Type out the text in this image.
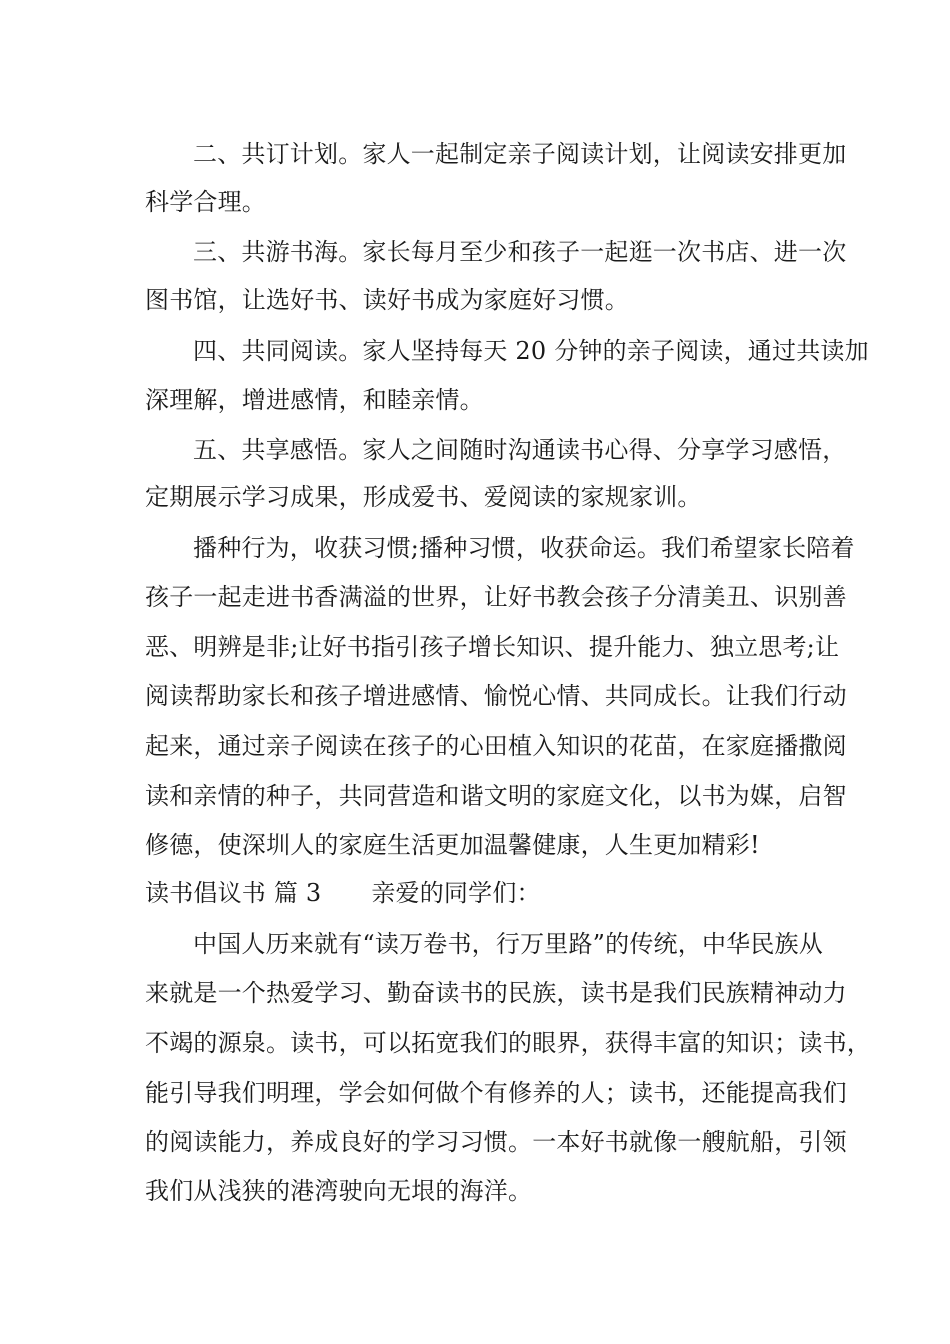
二、共订计划。家人一起制定亲子阅读计划，让阅读安排更加
科学合理。
三、共游书海。家长每月至少和孩子一起逛一次书店、进一次
图书馆，让选好书、读好书成为家庭好习惯。
四、共同阅读。家人坚持每天 20 分钟的亲子阅读，通过共读加
深理解，增进感情，和睦亲情。
五、共享感悟。家人之间随时沟通读书心得、分享学习感悟，
定期展示学习成果，形成爱书、爱阅读的家规家训。
播种行为，收获习惯;播种习惯，收获命运。我们希望家长陪着
孩子一起走进书香满溢的世界，让好书教会孩子分清美丑、识别善
恶、明辨是非;让好书指引孩子增长知识、提升能力、独立思考;让
阅读帮助家长和孩子增进感情、愉悦心情、共同成长。让我们行动
起来，通过亲子阅读在孩子的心田植入知识的花苗，在家庭播撒阅
读和亲情的种子，共同营造和谐文明的家庭文化，以书为媒，启智
修德，使深圳人的家庭生活更加温馨健康，人生更加精彩!
读书倡议书 篇 3 亲爱的同学们：
中国人历来就有“读万卷书，行万里路”的传统，中华民族从
来就是一个热爱学习、勤奋读书的民族，读书是我们民族精神动力
不竭的源泉。读书，可以拓宽我们的眼界，获得丰富的知识；读书，
能引导我们明理，学会如何做个有修养的人；读书，还能提高我们
的阅读能力，养成良好的学习习惯。一本好书就像一艘航船，引领
我们从浅狭的港湾驶向无垠的海洋。
